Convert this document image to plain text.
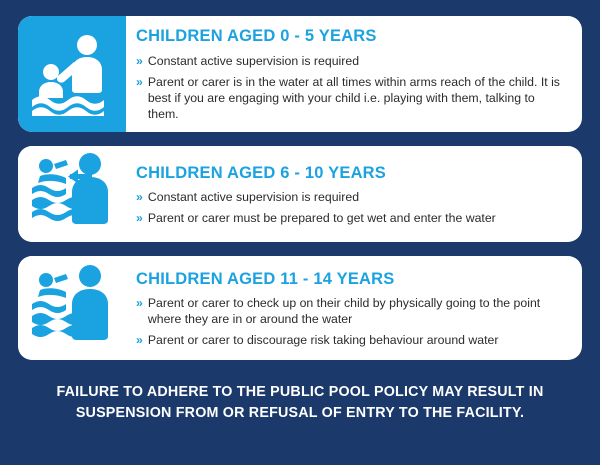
CHILDREN AGED 0 - 5 YEARS
» Constant active supervision is required
» Parent or carer is in the water at all times within arms reach of the child. It is best if you are engaging with your child i.e. playing with them, talking to them.
CHILDREN AGED 6 - 10 YEARS
» Constant active supervision is required
» Parent or carer must be prepared to get wet and enter the water
CHILDREN AGED 11 - 14 YEARS
» Parent or carer to check up on their child by physically going to the point where they are in or around the water
» Parent or carer to discourage risk taking behaviour around water
FAILURE TO ADHERE TO THE PUBLIC POOL POLICY MAY RESULT IN
SUSPENSION FROM OR REFUSAL OF ENTRY TO THE FACILITY.
